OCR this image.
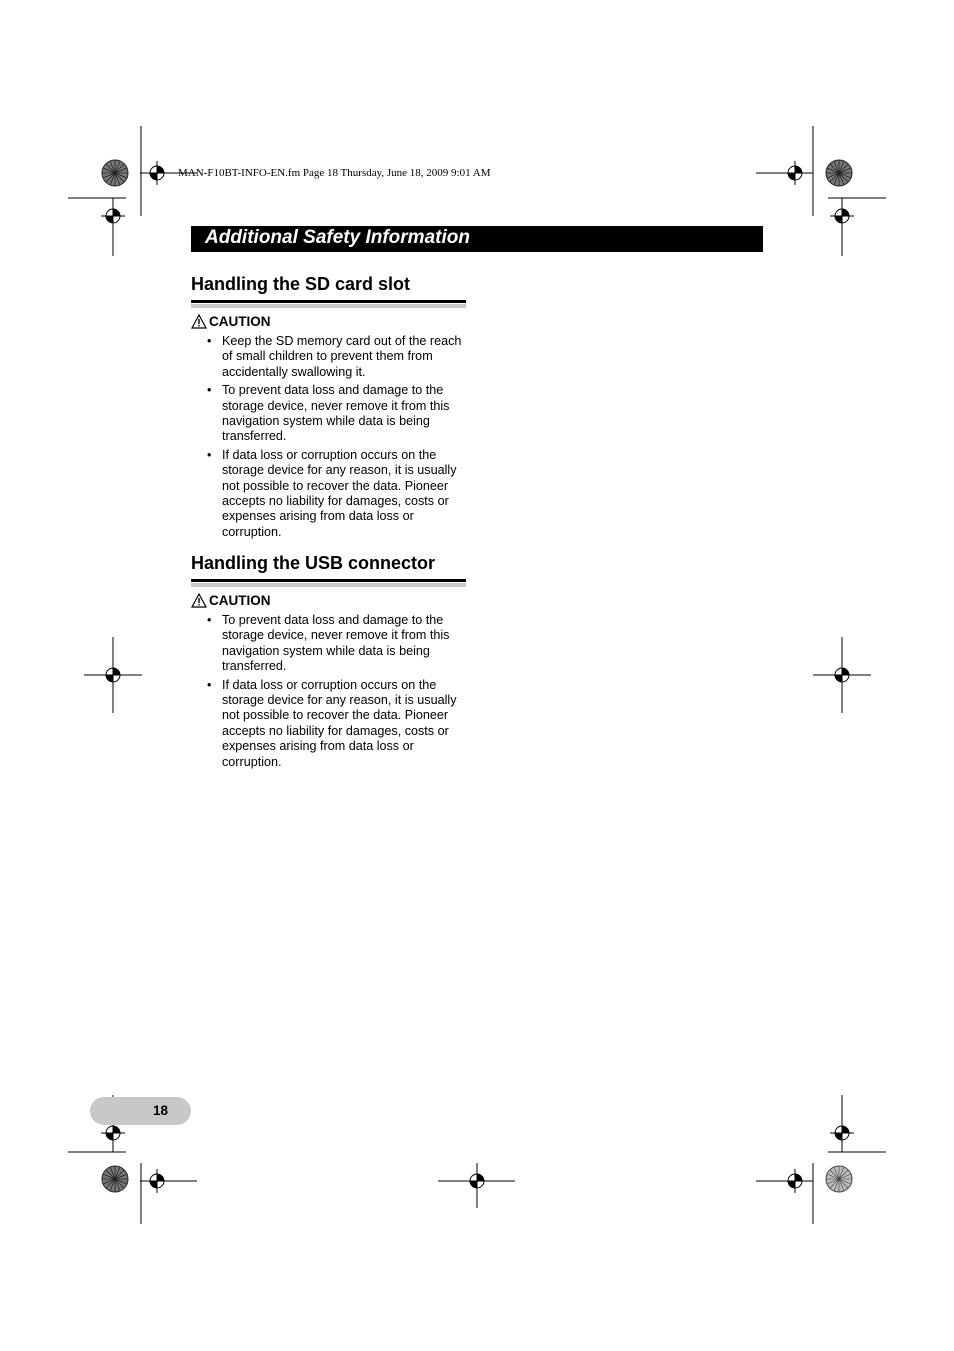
MAN-F10BT-INFO-EN.fm Page 18 Thursday, June 18, 2009 9:01 AM
Additional Safety Information
Handling the SD card slot
CAUTION
• Keep the SD memory card out of the reach of small children to prevent them from accidentally swallowing it.
• To prevent data loss and damage to the storage device, never remove it from this navigation system while data is being transferred.
• If data loss or corruption occurs on the storage device for any reason, it is usually not possible to recover the data. Pioneer accepts no liability for damages, costs or expenses arising from data loss or corruption.
Handling the USB connector
CAUTION
• To prevent data loss and damage to the storage device, never remove it from this navigation system while data is being transferred.
• If data loss or corruption occurs on the storage device for any reason, it is usually not possible to recover the data. Pioneer accepts no liability for damages, costs or expenses arising from data loss or corruption.
18
